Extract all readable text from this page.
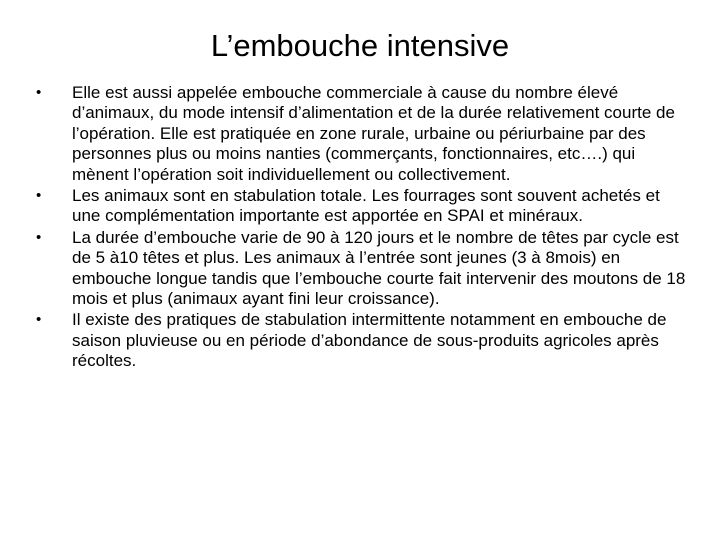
L’embouche intensive
•	Elle est aussi appelée embouche commerciale à cause du nombre élevé d’animaux, du mode intensif d’alimentation et de la durée relativement courte de l’opération. Elle est pratiquée en zone rurale, urbaine ou périurbaine par des personnes plus ou moins nanties (commerçants, fonctionnaires, etc….) qui mènent l’opération soit individuellement ou collectivement.
•	Les animaux sont en stabulation totale. Les fourrages sont souvent achetés et une complémentation importante est apportée en SPAI et minéraux.
•	La durée d’embouche varie de 90 à 120 jours et le nombre de têtes par cycle est de 5 à10 têtes et plus. Les animaux à l’entrée sont jeunes (3 à 8mois) en embouche longue tandis que l’embouche courte fait intervenir des moutons de 18 mois et plus (animaux ayant fini leur croissance).
•	Il existe des pratiques de stabulation intermittente notamment en embouche de saison pluvieuse ou en période d’abondance de sous-produits agricoles après récoltes.
